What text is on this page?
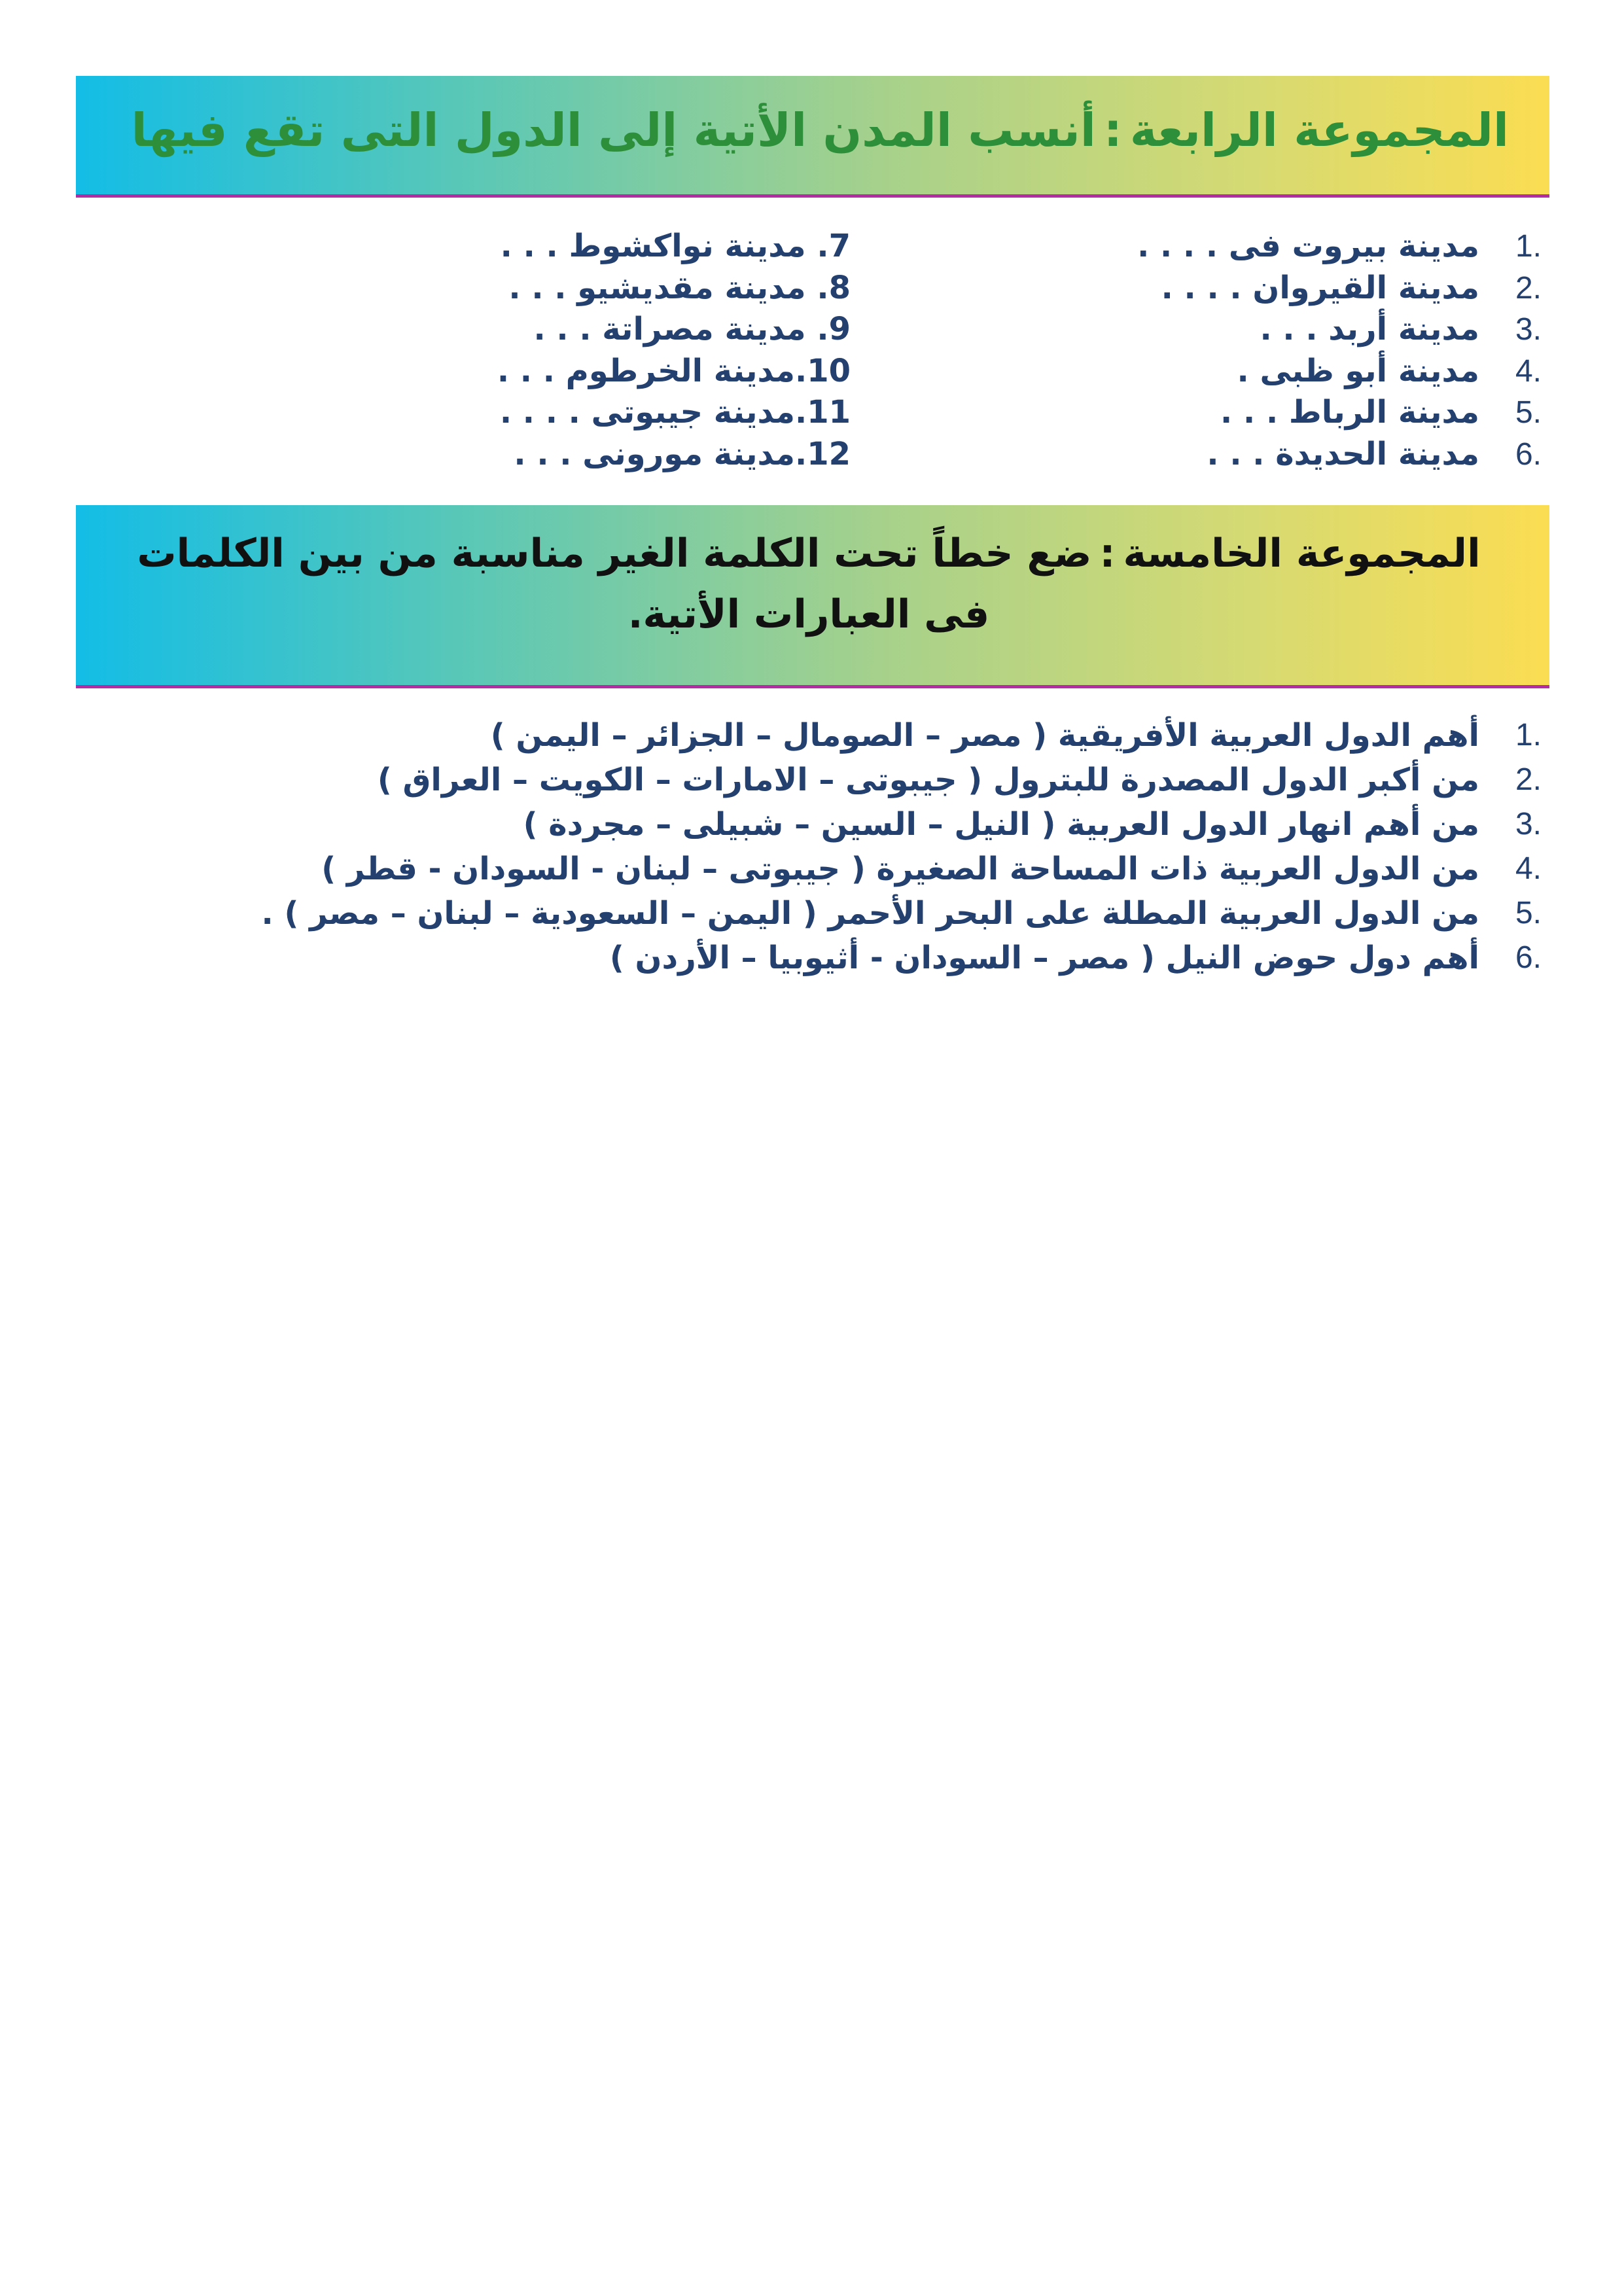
المجموعة الرابعة:أنسب المدن الأتية إلى الدول التى تقع فيها
1.
مدينة بيروت فى . . . .
2.
مدينة القيروان . . . .
3.
مدينة أربد . . .
4.
مدينة أبو ظبى .
5.
مدينة الرباط . . .
6.
مدينة الحديدة . . .
7. مدينة نواكشوط . . .
8. مدينة مقديشيو . . .
9. مدينة مصراتة . . .
10.مدينة الخرطوم . . .
11.مدينة جيبوتى . . . .
12.مدينة مورونى . . .
المجموعة الخامسة:ضع خطاً تحت الكلمة الغير مناسبة من بين الكلمات فى العبارات الأتية.
1.
أهم الدول العربية الأفريقية ( مصر – الصومال – الجزائر – اليمن )
2.
من أكبر الدول المصدرة للبترول ( جيبوتى – الامارات – الكويت – العراق )
3.
من أهم انهار الدول العربية ( النيل – السين – شبيلى – مجردة )
4.
من الدول العربية ذات المساحة الصغيرة ( جيبوتى – لبنان - السودان - قطر )
5.
من الدول العربية المطلة على البحر الأحمر ( اليمن – السعودية – لبنان – مصر ) .
6.
أهم دول حوض النيل ( مصر – السودان - أثيوبيا – الأردن )
